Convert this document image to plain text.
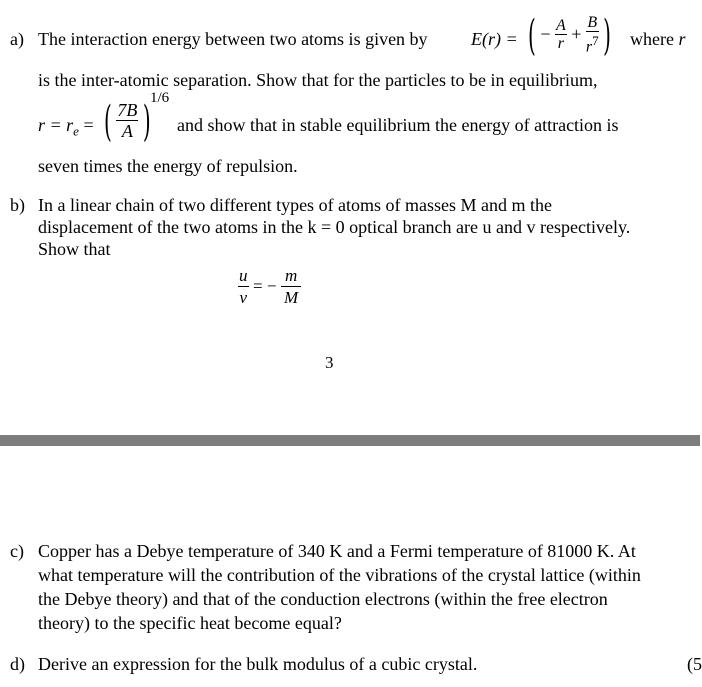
a) The interaction energy between two atoms is given by E(r) = ( − $\frac{A}{r} + \frac{B}{r^7}$ ) where r
is the inter-atomic separation. Show that for the particles to be in equilibrium,
$r = r_e$ = ( $\frac{7B}{A}$ ) 1/6
and show that in stable equilibrium the energy of attraction is
seven times the energy of repulsion.
b) In a linear chain of two different types of atoms of masses M and m the
displacement of the two atoms in the k = 0 optical branch are u and v respectively.
Show that
$\frac{u}{v}$ = − $\frac{m}{M}$
3
c) Copper has a Debye temperature of 340 K and a Fermi temperature of 81000 K. At
what temperature will the contribution of the vibrations of the crystal lattice (within
the Debye theory) and that of the conduction electrons (within the free electron
theory) to the specific heat become equal?
d) Derive an expression for the bulk modulus of a cubic crystal.	(5
